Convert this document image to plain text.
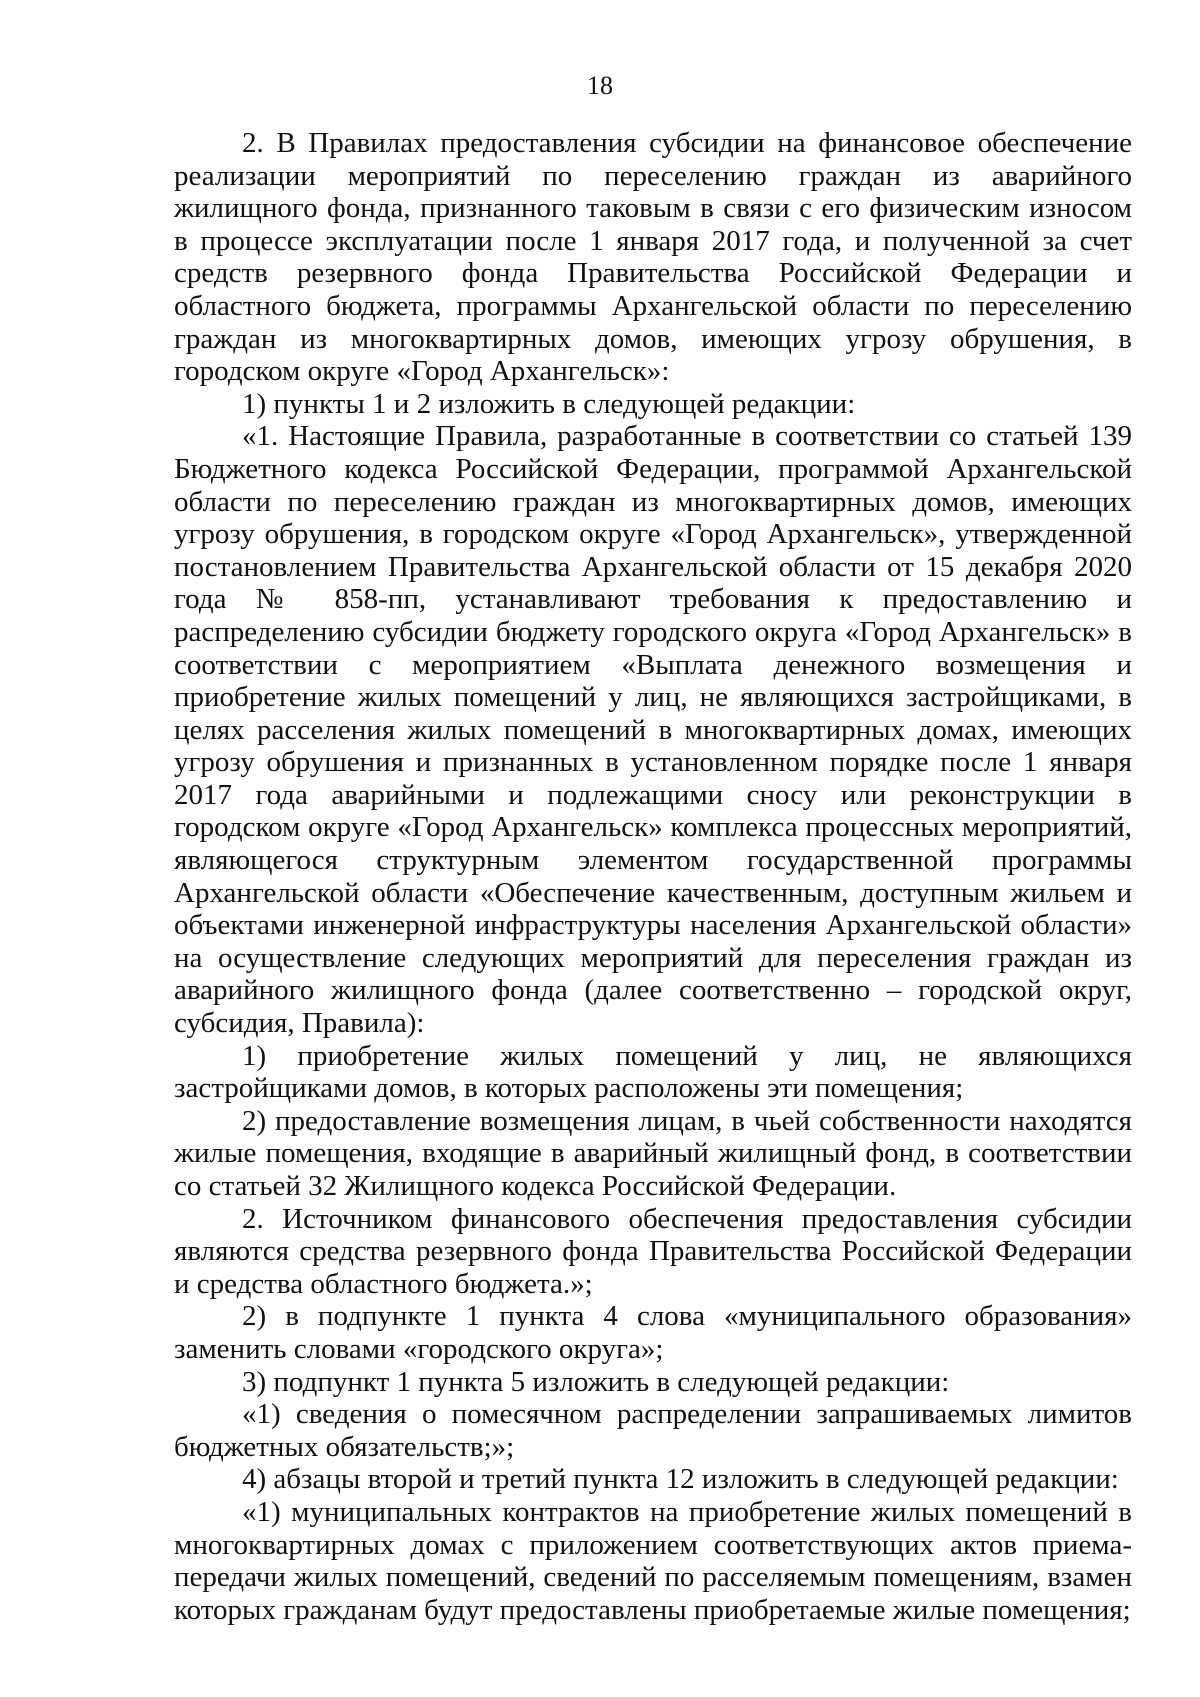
18

2. В Правилах предоставления субсидии на финансовое обеспечение реализации мероприятий по переселению граждан из аварийного жилищного фонда, признанного таковым в связи с его физическим износом в процессе эксплуатации после 1 января 2017 года, и полученной за счет средств резервного фонда Правительства Российской Федерации и областного бюджета, программы Архангельской области по переселению граждан из многоквартирных домов, имеющих угрозу обрушения, в городском округе «Город Архангельск»:

1) пункты 1 и 2 изложить в следующей редакции:

«1. Настоящие Правила, разработанные в соответствии со статьей 139 Бюджетного кодекса Российской Федерации, программой Архангельской области по переселению граждан из многоквартирных домов, имеющих угрозу обрушения, в городском округе «Город Архангельск», утвержденной постановлением Правительства Архангельской области от 15 декабря 2020 года № 858-пп, устанавливают требования к предоставлению и распределению субсидии бюджету городского округа «Город Архангельск» в соответствии с мероприятием «Выплата денежного возмещения и приобретение жилых помещений у лиц, не являющихся застройщиками, в целях расселения жилых помещений в многоквартирных домах, имеющих угрозу обрушения и признанных в установленном порядке после 1 января 2017 года аварийными и подлежащими сносу или реконструкции в городском округе «Город Архангельск» комплекса процессных мероприятий, являющегося структурным элементом государственной программы Архангельской области «Обеспечение качественным, доступным жильем и объектами инженерной инфраструктуры населения Архангельской области» на осуществление следующих мероприятий для переселения граждан из аварийного жилищного фонда (далее соответственно – городской округ, субсидия, Правила):

1) приобретение жилых помещений у лиц, не являющихся застройщиками домов, в которых расположены эти помещения;

2) предоставление возмещения лицам, в чьей собственности находятся жилые помещения, входящие в аварийный жилищный фонд, в соответствии со статьей 32 Жилищного кодекса Российской Федерации.

2. Источником финансового обеспечения предоставления субсидии являются средства резервного фонда Правительства Российской Федерации и средства областного бюджета.»;

2) в подпункте 1 пункта 4 слова «муниципального образования» заменить словами «городского округа»;

3) подпункт 1 пункта 5 изложить в следующей редакции:

«1) сведения о помесячном распределении запрашиваемых лимитов бюджетных обязательств;»;

4) абзацы второй и третий пункта 12 изложить в следующей редакции:

«1) муниципальных контрактов на приобретение жилых помещений в многоквартирных домах с приложением соответствующих актов приема-передачи жилых помещений, сведений по расселяемым помещениям, взамен которых гражданам будут предоставлены приобретаемые жилые помещения;
